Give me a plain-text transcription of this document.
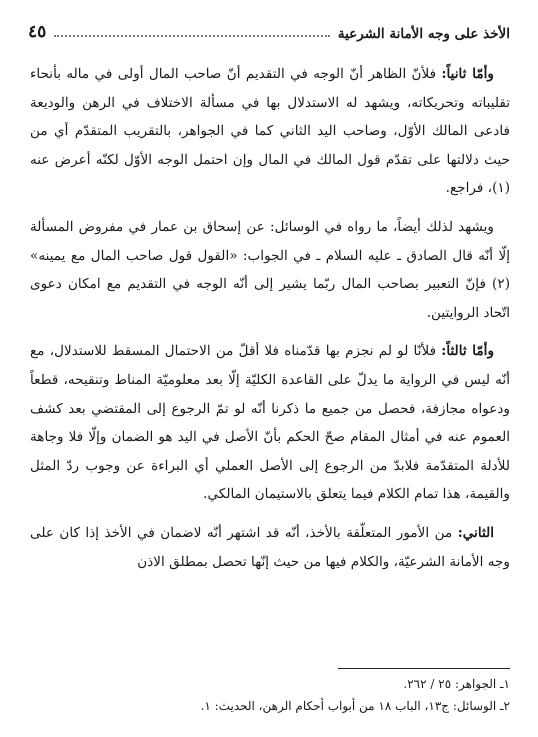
الأخذ على وجه الأمانة الشرعية
٤٥

وأمّا ثانياً: فلأنّ الظاهر أنّ الوجه في التقديم أنّ صاحب المال أولى في ماله بأنحاء تقليباته وتحريكاته، ويشهد له الاستدلال بها في مسألة الاختلاف في الرهن والوديعة فادعى المالك الأوّل، وصاحب اليد الثاني كما في الجواهر، بالتقريب المتقدّم أي من حيث دلالتها على تقدّم قول المالك في المال وإن احتمل الوجه الأوّل لكنّه أعرض عنه (١)، فراجع.

ويشهد لذلك أيضاً، ما رواه في الوسائل: عن إسحاق بن عمار في مفروض المسألة إلّا أنّه قال الصادق ـ عليه السلام ـ في الجواب: «القول قول صاحب المال مع يمينه» (٢) فإنّ التعبير بصاحب المال ربّما يشير إلى أنّه الوجه في التقديم مع امكان دعوى اتّحاد الروايتين.

وأمّا ثالثاً: فلأنّا لو لم نجزم بها قدّمناه فلا أقلّ من الاحتمال المسقط للاستدلال، مع أنّه ليس في الرواية ما يدلّ على القاعدة الكليّة إلّا بعد معلوميّة المناط وتنقيحه، قطعاً ودعواه مجازفة، فحصل من جميع ما ذكرنا أنّه لو تمّ الرجوع إلى المقتضي بعد كشف العموم عنه في أمثال المقام صحّ الحكم بأنّ الأصل في اليد هو الضمان وإلّا فلا وجاهة للأدلة المتقدّمة فلابدّ من الرجوع إلى الأصل العملي أي البراءة عن وجوب ردّ المثل والقيمة، هذا تمام الكلام فيما يتعلق بالاستيمان المالكي.

الثاني: من الأمور المتعلّقة بالأخذ، أنّه قد اشتهر أنّه لاضمان في الأخذ إذا كان على وجه الأمانة الشرعيّة، والكلام فيها من حيث إنّها تحصل بمطلق الاذن

١ـ الجواهر: ٢٥ / ٢٦٢.

٢ـ الوسائل: ج١٣، الباب ١٨ من أبواب أحكام الرهن، الحديث: ١.
